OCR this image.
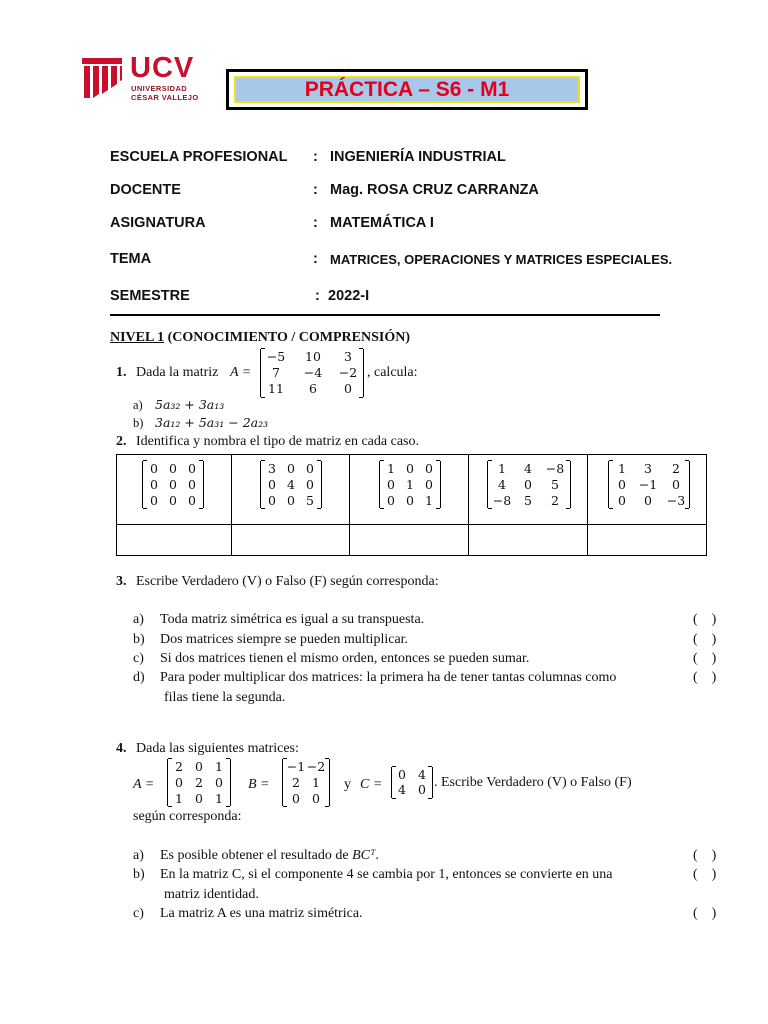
UCV
UNIVERSIDAD
CÉSAR VALLEJO	PRÁCTICA – S6 - M1
ESCUELA PROFESIONAL : INGENIERÍA INDUSTRIAL
DOCENTE	: Mag. ROSA CRUZ CARRANZA
ASIGNATURA	: MATEMÁTICA I
TEMA	: MATRICES, OPERACIONES Y MATRICES ESPECIALES.
SEMESTRE	: 2022-I
NIVEL 1 (CONOCIMIENTO / COMPRENSIÓN)
1. Dada la matriz A =
−5	10	3
7	−4	−2
11	6	0
, calcula:
a) 5a₃₂ + 3a₁₃
b) 3a₁₂ + 5a₃₁ − 2a₂₃
2. Identifica y nombra el tipo de matriz en cada caso.
0 0 0
0 0 0
0 0 0
3 0 0
0 4 0
0 0 5
1 0 0
0 1 0
0 0 1
1	4	−8
4	0	5
−8	5	2
1	3	2
0	−1	0
0	0	−3
3. Escribe Verdadero (V) o Falso (F) según corresponda:
a) Toda matriz simétrica es igual a su transpuesta.	(    )
b) Dos matrices siempre se pueden multiplicar.	(    )
c) Si dos matrices tienen el mismo orden, entonces se pueden sumar.	(    )
d) Para poder multiplicar dos matrices: la primera ha de tener tantas columnas como	(    )
filas tiene la segunda.
4. Dada las siguientes matrices:
A =
2 0 1
0 2 0
1 0 1
B =
−1 −2
2 1
0 0
y C =
0 4
4 0 . Escribe Verdadero (V) o Falso (F)
según corresponda:
a) Es posible obtener el resultado de BCᵀ.	(    )
b) En la matriz C, si el componente 4 se cambia por 1, entonces se convierte en una	(    )
matriz identidad.
c) La matriz A es una matriz simétrica.	(    )
